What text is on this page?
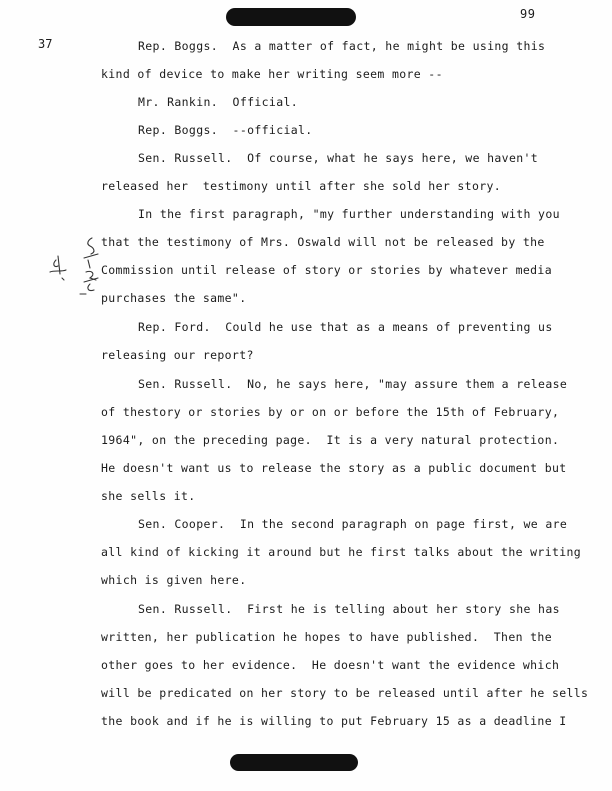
99
37	Rep. Boggs.  As a matter of fact, he might be using this
kind of device to make her writing seem more --
Mr. Rankin.  Official.
Rep. Boggs.  --official.
Sen. Russell.  Of course, what he says here, we haven't
released her  testimony until after she sold her story.
In the first paragraph, "my further understanding with you
that the testimony of Mrs. Oswald will not be released by the
Commission until release of story or stories by whatever media
purchases the same".
Rep. Ford.  Could he use that as a means of preventing us
releasing our report?
Sen. Russell.  No, he says here, "may assure them a release
of thestory or stories by or on or before the 15th of February,
1964", on the preceding page.  It is a very natural protection.
He doesn't want us to release the story as a public document but
she sells it.
Sen. Cooper.  In the second paragraph on page first, we are
all kind of kicking it around but he first talks about the writing
which is given here.
Sen. Russell.  First he is telling about her story she has
written, her publication he hopes to have published.  Then the
other goes to her evidence.  He doesn't want the evidence which
will be predicated on her story to be released until after he sells
the book and if he is willing to put February 15 as a deadline I
